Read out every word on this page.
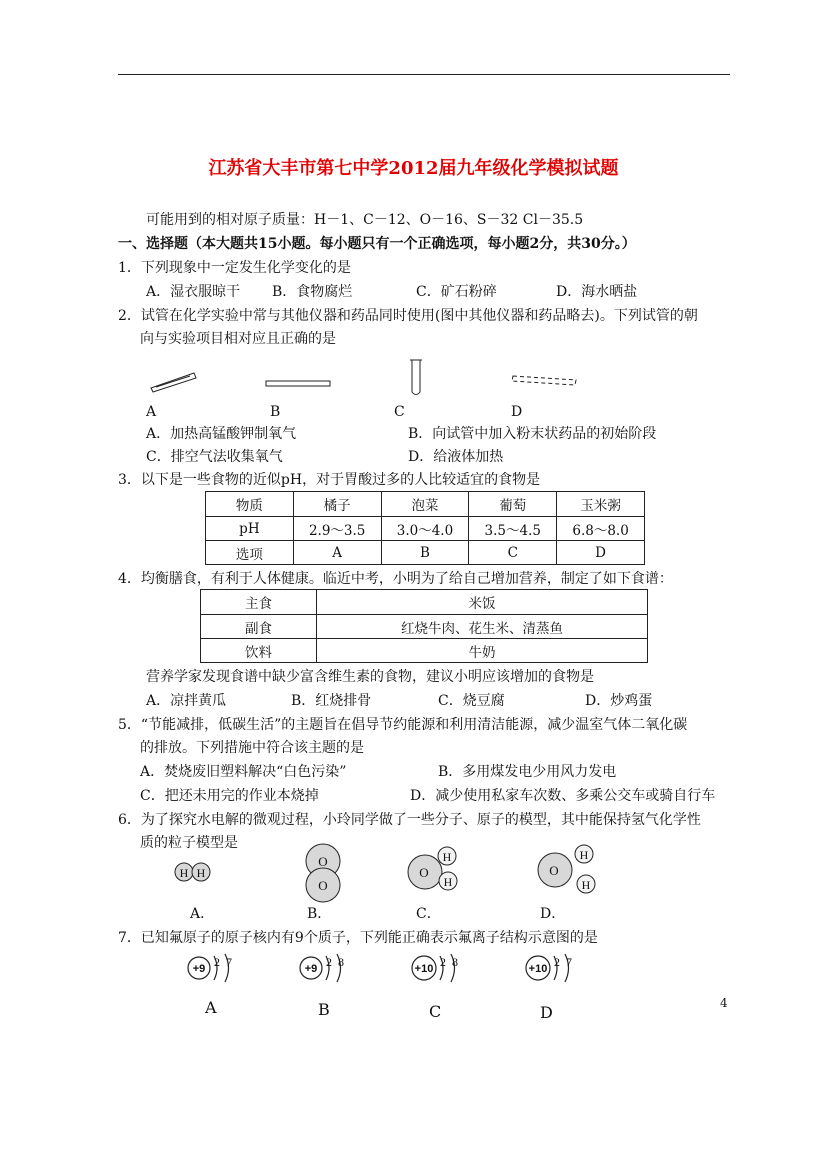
江苏省大丰市第七中学2012届九年级化学模拟试题
可能用到的相对原子质量：H－1、C－12、O－16、S－32 Cl－35.5
一、选择题（本大题共15小题。每小题只有一个正确选项，每小题2分，共30分。）
1．下列现象中一定发生化学变化的是
A．湿衣服晾干 B．食物腐烂	C．矿石粉碎	D．海水晒盐
2．试管在化学实验中常与其他仪器和药品同时使用(图中其他仪器和药品略去)。下列试管的朝
向与实验项目相对应且正确的是
A	B	C	D
A．加热高锰酸钾制氧气	B．向试管中加入粉末状药品的初始阶段
C．排空气法收集氧气	D．给液体加热
3．以下是一些食物的近似pH，对于胃酸过多的人比较适宜的食物是
物质	橘子	泡菜	葡萄	玉米粥
pH	2.9～3.5	3.0～4.0	3.5～4.5	6.8～8.0
选项	A	B	C	D
4．均衡膳食，有利于人体健康。临近中考，小明为了给自己增加营养，制定了如下食谱：
主食	米饭
副食	红烧牛肉、花生米、清蒸鱼
饮料	牛奶
营养学家发现食谱中缺少富含维生素的食物，建议小明应该增加的食物是
A．凉拌黄瓜	B．红烧排骨	C．烧豆腐	D．炒鸡蛋
5．“节能减排，低碳生活”的主题旨在倡导节约能源和利用清洁能源，减少温室气体二氧化碳
的排放。下列措施中符合该主题的是
A．焚烧废旧塑料解决“白色污染”	B．多用煤发电少用风力发电
C．把还未用完的作业本烧掉	D．减少使用私家车次数、多乘公交车或骑自行车
6．为了探究水电解的微观过程，小玲同学做了一些分子、原子的模型，其中能保持氢气化学性
质的粒子模型是
H H
O
O
O
H
H
O
H
H
A．	B．	C．	D．
7．已知氟原子的原子核内有9个质子，下列能正确表示氟离子结构示意图的是
+9 2 7	+9 2 8	+10 2 8	+10 2 7
A	B	C	D	4
